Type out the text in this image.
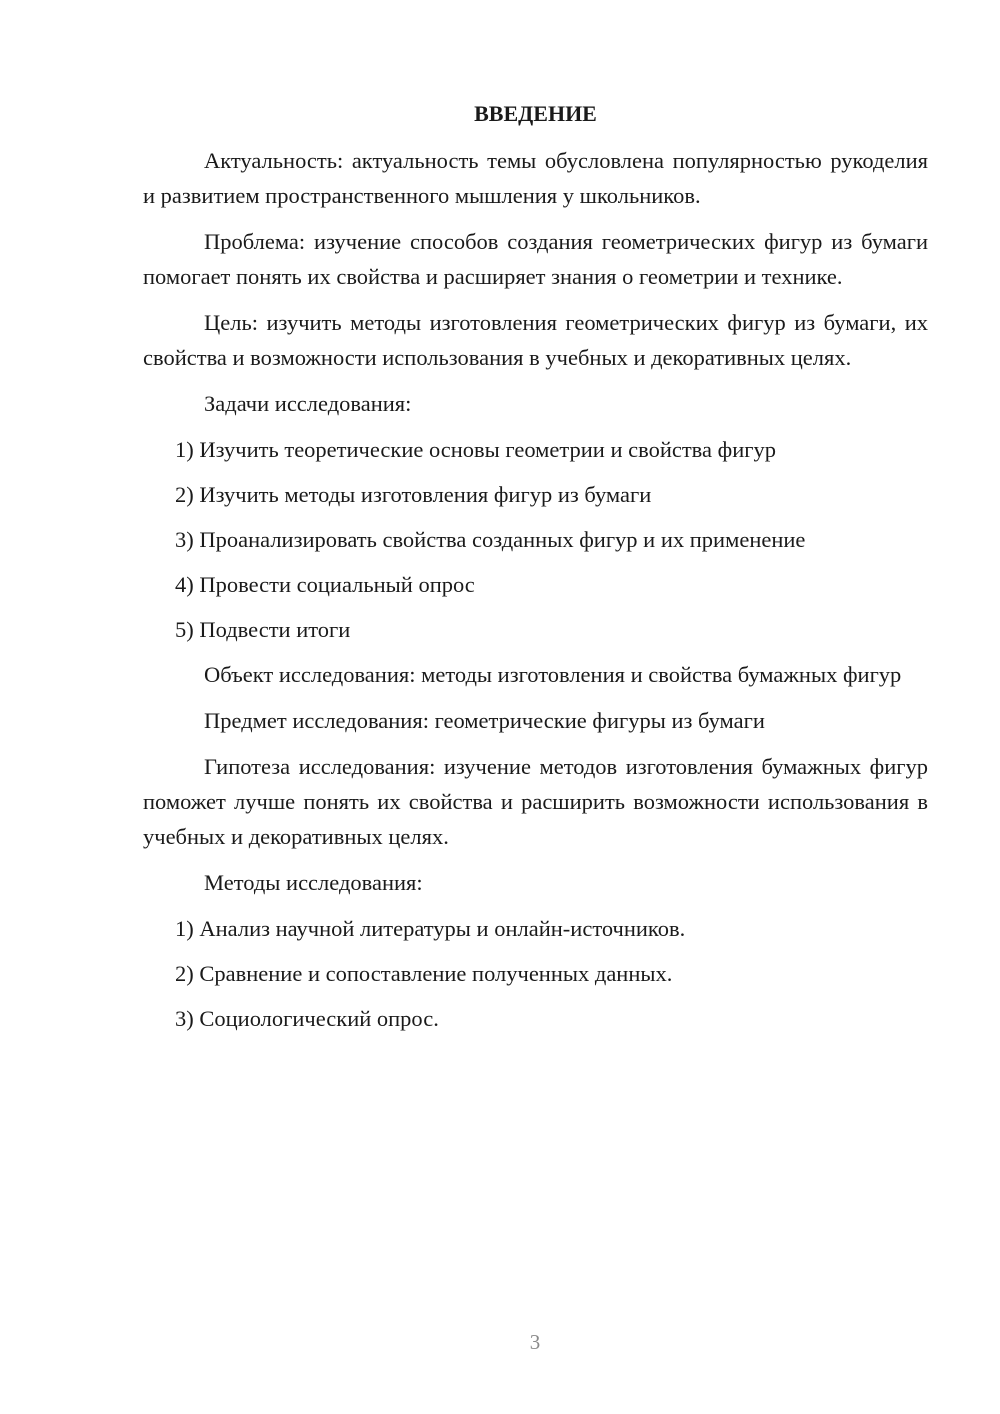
ВВЕДЕНИЕ

Актуальность: актуальность темы обусловлена популярностью рукоделия и развитием пространственного мышления у школьников.

Проблема: изучение способов создания геометрических фигур из бумаги помогает понять их свойства и расширяет знания о геометрии и технике.

Цель: изучить методы изготовления геометрических фигур из бумаги, их свойства и возможности использования в учебных и декоративных целях.

Задачи исследования:

1) Изучить теоретические основы геометрии и свойства фигур
2) Изучить методы изготовления фигур из бумаги
3) Проанализировать свойства созданных фигур и их применение
4) Провести социальный опрос
5) Подвести итоги

Объект исследования: методы изготовления и свойства бумажных фигур

Предмет исследования: геометрические фигуры из бумаги

Гипотеза исследования: изучение методов изготовления бумажных фигур поможет лучше понять их свойства и расширить возможности использования в учебных и декоративных целях.

Методы исследования:

1) Анализ научной литературы и онлайн-источников.
2) Сравнение и сопоставление полученных данных.
3) Социологический опрос.
3
